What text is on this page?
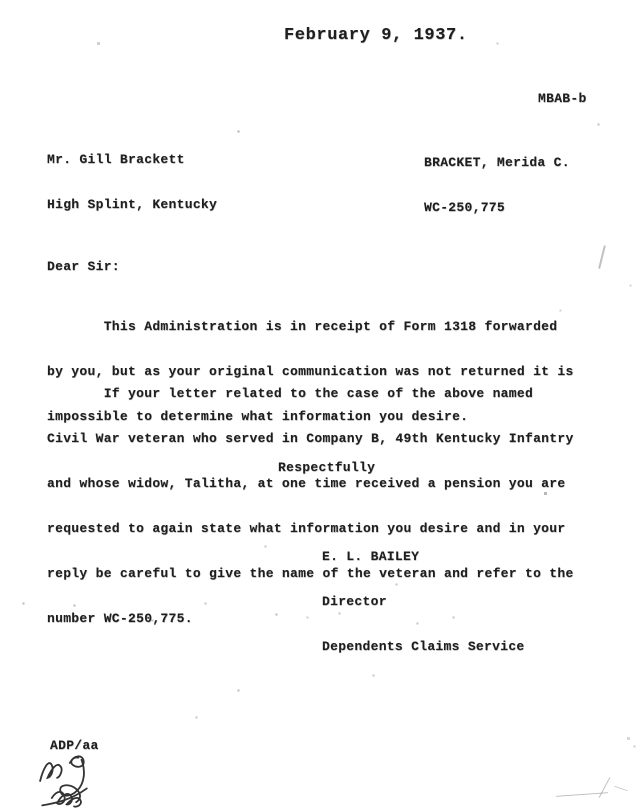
February 9, 1937.
MBAB-b

Mr. Gill Brackett

High Splint, Kentucky

BRACKET, Merida C.

WC-250,775

Dear Sir:

This Administration is in receipt of Form 1318 forwarded

by you, but as your original communication was not returned it is

impossible to determine what information you desire.

If your letter related to the case of the above named

Civil War veteran who served in Company B, 49th Kentucky Infantry

and whose widow, Talitha, at one time received a pension you are

requested to again state what information you desire and in your

reply be careful to give the name of the veteran and refer to the

number WC-250,775.

Respectfully

E. L. BAILEY

Director

Dependents Claims Service

ADP/aa
